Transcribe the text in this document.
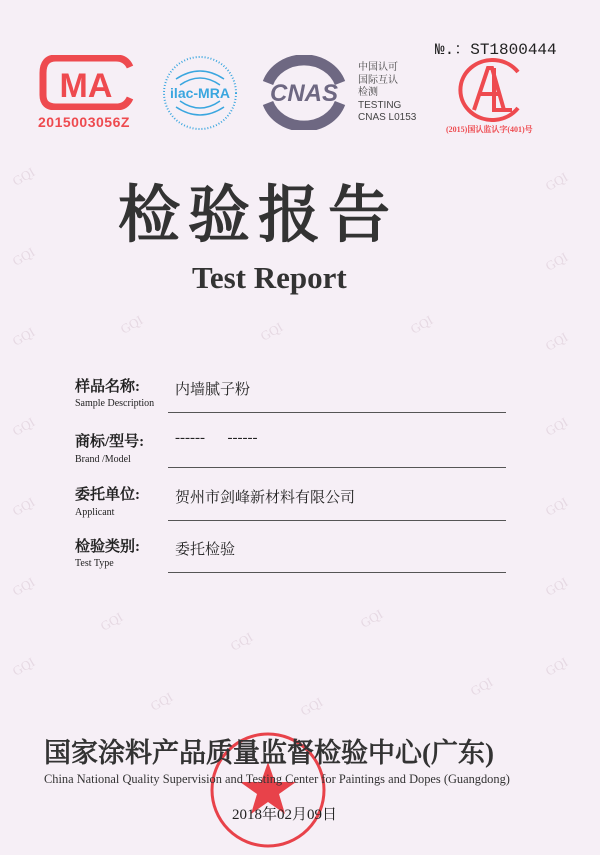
GQI
GQI
GQI
GQI
GQI
GQI
GQI
GQI
GQI
GQI
GQI
GQI
GQI
GQI
GQI	GQI	GQI
GQI
GQI
GQI
GQI
GQI	GQI
MA
2015003056Z
ilac-MRA CNAS
中国认可
国际互认
检测
TESTING
CNAS L0153
№.：ST1800444
(2015)国认监认字(401)号
检验报告
Test Report
样品名称:
Sample Description
内墙腻子粉
商标/型号:
Brand /Model
------      ------
委托单位:
Applicant
贺州市剑峰新材料有限公司
检验类别:
Test Type
委托检验
国家涂料产品质量监督检验中心(广东)
China National Quality Supervision and Testing Center for Paintings and Dopes (Guangdong)
2018年02月09日
